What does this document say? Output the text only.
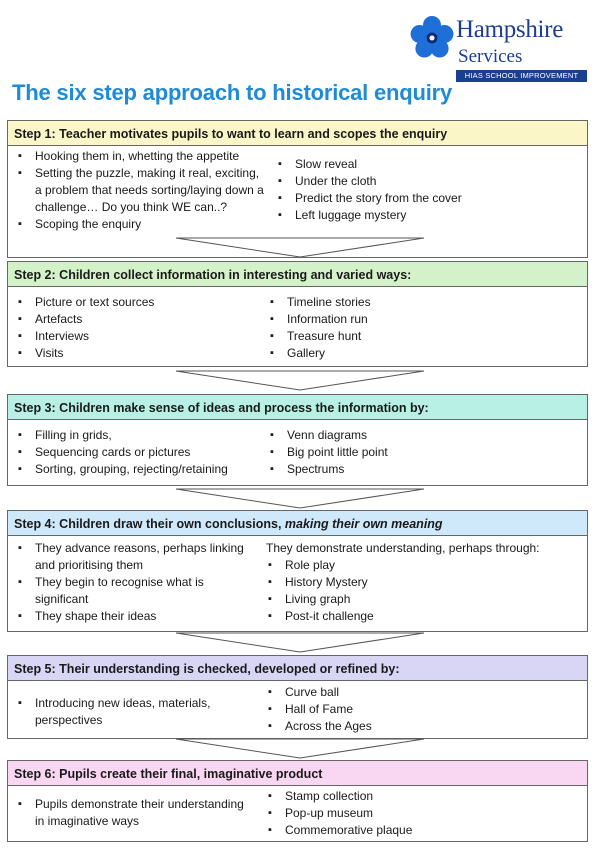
Hampshire
Services
HIAS SCHOOL IMPROVEMENT
The six step approach to historical enquiry
Step 1: Teacher motivates pupils to want to learn and scopes the enquiry
▪ Hooking them in, whetting the appetite
▪ Setting the puzzle, making it real, exciting, a problem that needs sorting/laying down a challenge… Do you think WE can..?
▪ Scoping the enquiry
▪ Slow reveal
▪ Under the cloth
▪ Predict the story from the cover
▪ Left luggage mystery
Step 2: Children collect information in interesting and varied ways:
▪ Picture or text sources
▪ Artefacts
▪ Interviews
▪ Visits
▪ Timeline stories
▪ Information run
▪ Treasure hunt
▪ Gallery
Step 3: Children make sense of ideas and process the information by:
▪ Filling in grids,
▪ Sequencing cards or pictures
▪ Sorting, grouping, rejecting/retaining
▪ Venn diagrams
▪ Big point little point
▪ Spectrums
Step 4: Children draw their own conclusions, making their own meaning
▪ They advance reasons, perhaps linking and prioritising them
▪ They begin to recognise what is significant
▪ They shape their ideas
They demonstrate understanding, perhaps through:
▪ Role play
▪ History Mystery
▪ Living graph
▪ Post-it challenge
Step 5: Their understanding is checked, developed or refined by:
▪ Introducing new ideas, materials, perspectives
▪ Curve ball
▪ Hall of Fame
▪ Across the Ages
Step 6: Pupils create their final, imaginative product
▪ Pupils demonstrate their understanding in imaginative ways
▪ Stamp collection
▪ Pop-up museum
▪ Commemorative plaque
